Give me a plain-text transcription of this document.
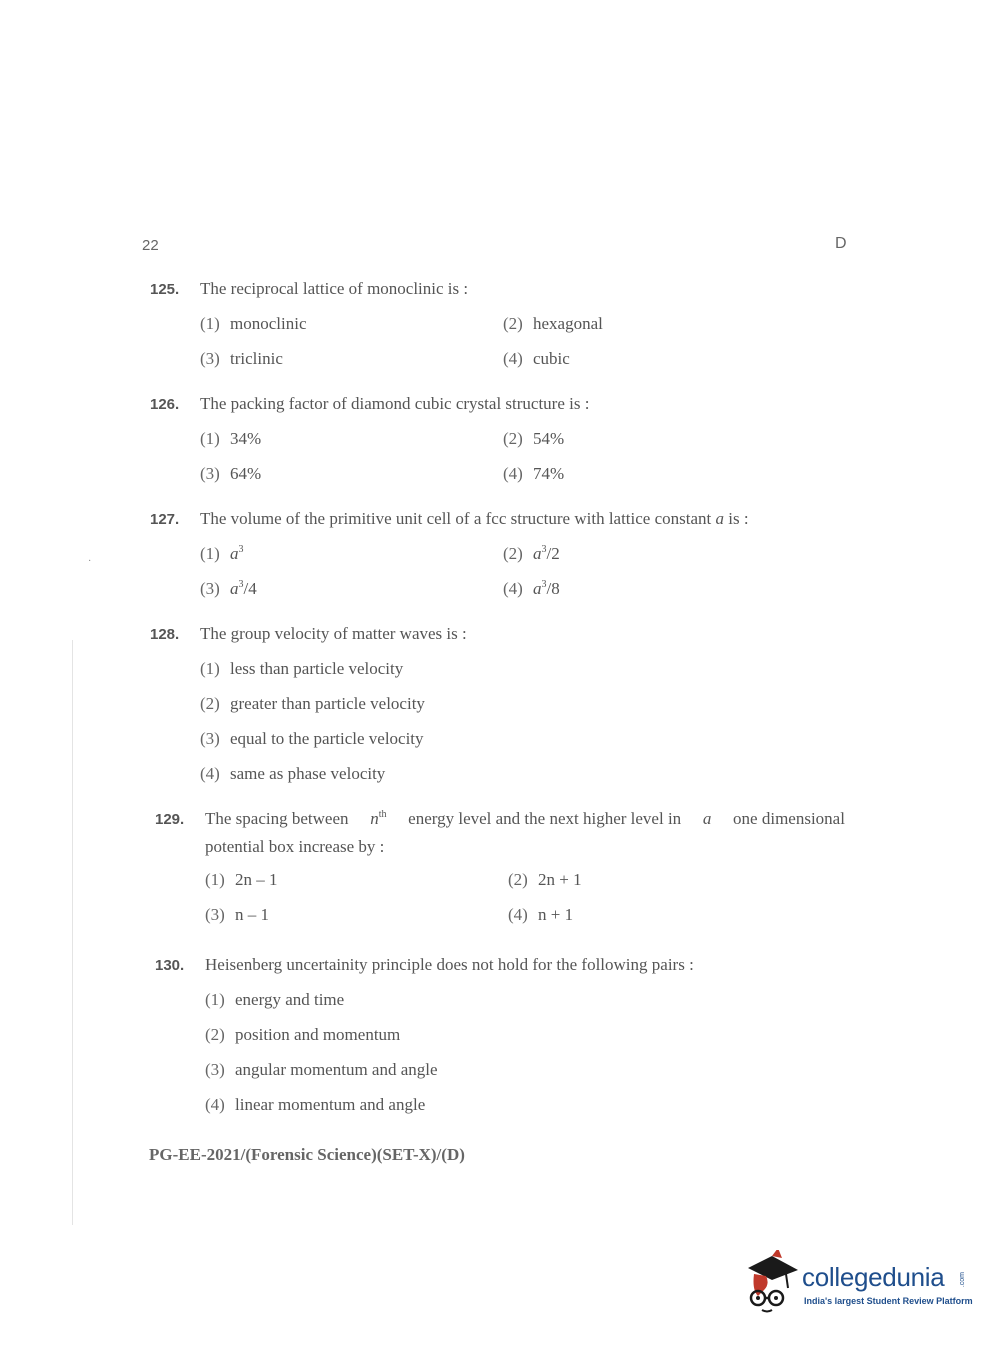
22	D
·
125.	The reciprocal lattice of monoclinic is :
(1) monoclinic	(2) hexagonal
(3) triclinic	(4) cubic
126.	The packing factor of diamond cubic crystal structure is :
(1) 34%	(2) 54%
(3) 64%	(4) 74%
127.	The volume of the primitive unit cell of a fcc structure with lattice constant a is :
(1) $a^3$	(2) $a^3/2$
(3) $a^3/4$	(4) $a^3/8$
128.	The group velocity of matter waves is :
(1) less than particle velocity
(2) greater than particle velocity
(3) equal to the particle velocity
(4) same as phase velocity
129.	The spacing between $n^{th}$ energy level and the next higher level in a one dimensional
potential box increase by :
(1) 2n – 1	(2) 2n + 1
(3) n – 1	(4) n + 1
130.	Heisenberg uncertainity principle does not hold for the following pairs :
(1) energy and time
(2) position and momentum
(3) angular momentum and angle
(4) linear momentum and angle
PG-EE-2021/(Forensic Science)(SET-X)/(D)
collegedunia .com
India's largest Student Review Platform
